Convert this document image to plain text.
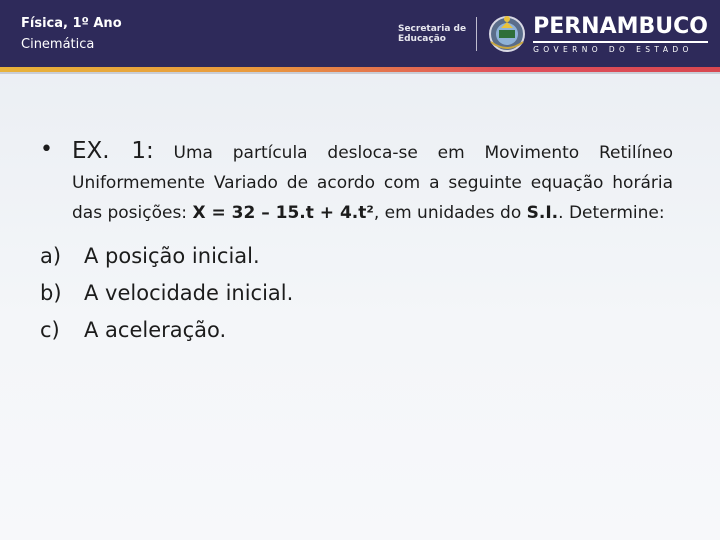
Física, 1º Ano
Cinemática
Secretaria de
Educação
PERNAMBUCO
GOVERNO DO ESTADO
• EX. 1: Uma partícula desloca-se em Movimento Retilíneo Uniformemente Variado de acordo com a seguinte equação horária das posições: X = 32 – 15.t + 4.t², em unidades do S.I.. Determine:
a)	A posição inicial.
b)	A velocidade inicial.
c)	A aceleração.
